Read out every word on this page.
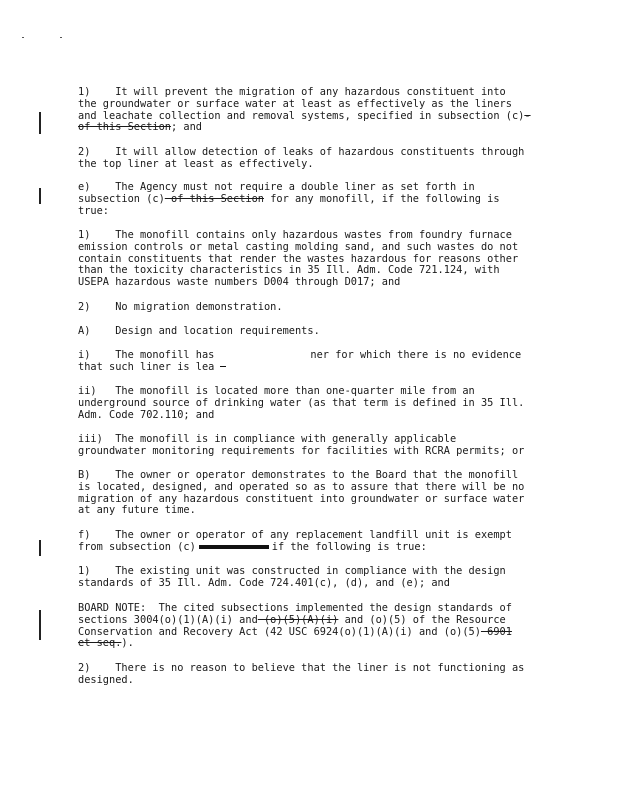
1)    It will prevent the migration of any hazardous constituent into
the groundwater or surface water at least as effectively as the liners
and leachate collection and removal systems, specified in subsection (c)-
of this Section; and
2)    It will allow detection of leaks of hazardous constituents through
the top liner at least as effectively.
e)    The Agency must not require a double liner as set forth in
subsection (c) of this Section for any monofill, if the following is
true:
1)    The monofill contains only hazardous wastes from foundry furnace
emission controls or metal casting molding sand, and such wastes do not
contain constituents that render the wastes hazardous for reasons other
than the toxicity characteristics in 35 Ill. Adm. Code 721.124, with
USEPA hazardous waste numbers D004 through D017; and
2)    No migration demonstration.
A)    Design and location requirements.
i)    The monofill has	ner for which there is no evidence
that such liner is lea
ii)   The monofill is located more than one-quarter mile from an
underground source of drinking water (as that term is defined in 35 Ill.
Adm. Code 702.110; and
iii)  The monofill is in compliance with generally applicable
groundwater monitoring requirements for facilities with RCRA permits; or
B)    The owner or operator demonstrates to the Board that the monofill
is located, designed, and operated so as to assure that there will be no
migration of any hazardous constituent into groundwater or surface water
at any future time.
f)    The owner or operator of any replacement landfill unit is exempt
from subsection (c)	if the following is true:
1)    The existing unit was constructed in compliance with the design
standards of 35 Ill. Adm. Code 724.401(c), (d), and (e); and
BOARD NOTE:  The cited subsections implemented the design standards of
sections 3004(o)(1)(A)(i) and (o)(5)(A)(i) and (o)(5) of the Resource
Conservation and Recovery Act (42 USC 6924(o)(1)(A)(i) and (o)(5) 6901
et seq.).
2)    There is no reason to believe that the liner is not functioning as
designed.
